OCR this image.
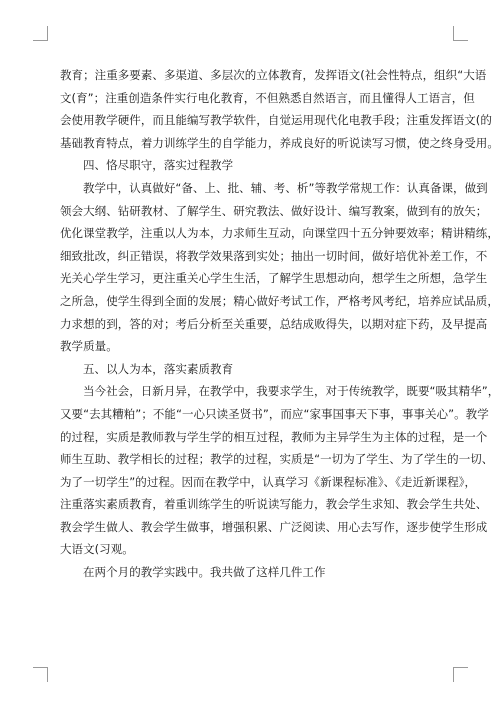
教育；注重多要素、多渠道、多层次的立体教育，发挥语文(社会性特点，组织“大语
文(育”；注重创造条件实行电化教育，不但熟悉自然语言，而且懂得人工语言，但
会使用教学硬件，而且能编写教学软件，自觉运用现代化电教手段；注重发挥语文(的
基础教育特点，着力训练学生的自学能力，养成良好的听说读写习惯，使之终身受用。
四、恪尽职守，落实过程教学
教学中，认真做好“备、上、批、辅、考、析”等教学常规工作：认真备课，做到
领会大纲、钻研教材、了解学生、研究教法、做好设计、编写教案，做到有的放矢；
优化课堂教学，注重以人为本，力求师生互动，向课堂四十五分钟要效率；精讲精练，
细致批改，纠正错误，将教学效果落到实处；抽出一切时间，做好培优补差工作，不
光关心学生学习，更注重关心学生生活，了解学生思想动向，想学生之所想，急学生
之所急，使学生得到全面的发展；精心做好考试工作，严格考风考纪，培养应试品质，
力求想的到，答的对；考后分析至关重要，总结成败得失，以期对症下药，及早提高
教学质量。
五、以人为本，落实素质教育
当今社会，日新月异，在教学中，我要求学生，对于传统教学，既要“吸其精华”，
又要“去其糟粕”；不能“一心只读圣贤书”，而应“家事国事天下事，事事关心”。教学
的过程，实质是教师教与学生学的相互过程，教师为主异学生为主体的过程，是一个
师生互助、教学相长的过程；教学的过程，实质是“一切为了学生、为了学生的一切、
为了一切学生”的过程。因而在教学中，认真学习《新课程标准》、《走近新课程》，
注重落实素质教育，着重训练学生的听说读写能力，教会学生求知、教会学生共处、
教会学生做人、教会学生做事，增强积累、广泛阅读、用心去写作，逐步使学生形成
大语文(习观。
在两个月的教学实践中。我共做了这样几件工作
